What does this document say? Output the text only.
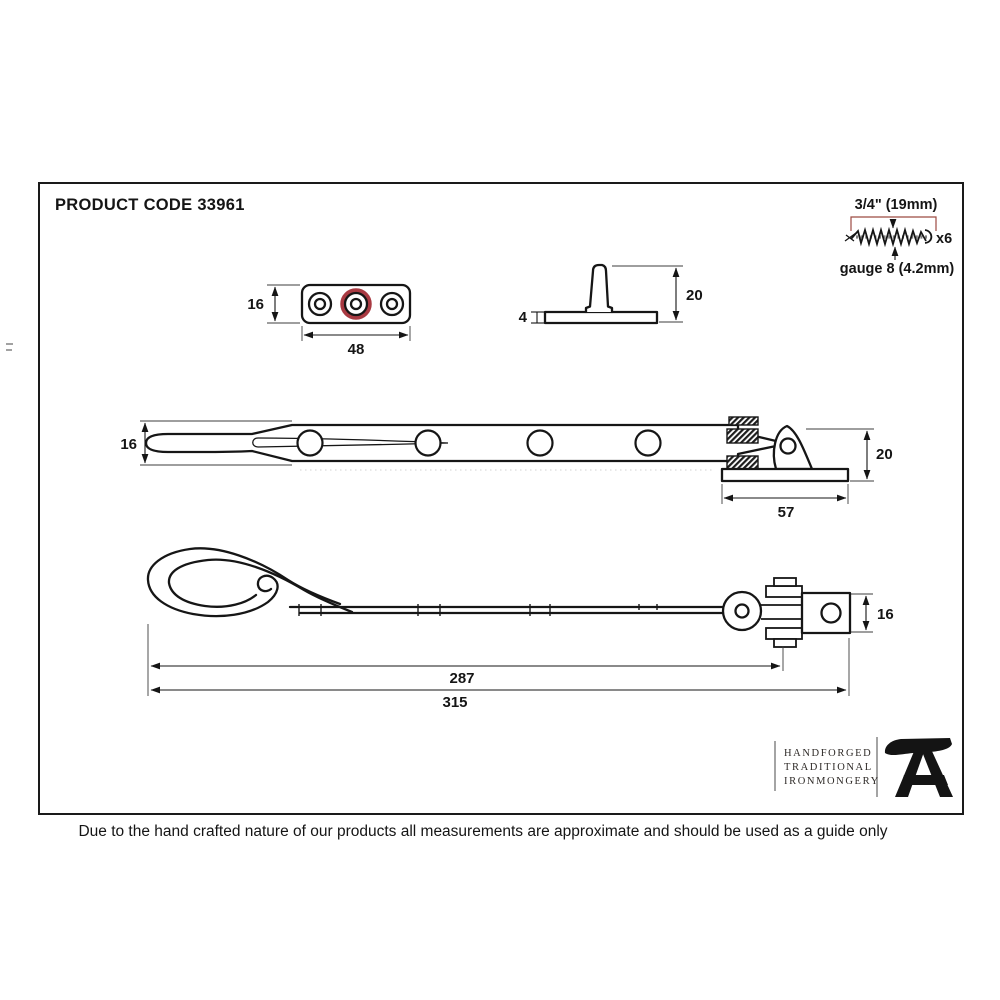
PRODUCT CODE 33961	3/4" (19mm)
x6
gauge 8 (4.2mm)
16
48
4
20
16
20
57
16
287
315
HANDFORGED
TRADITIONAL
IRONMONGERY
Due to the hand crafted nature of our products all measurements are approximate and should be used as a guide only
